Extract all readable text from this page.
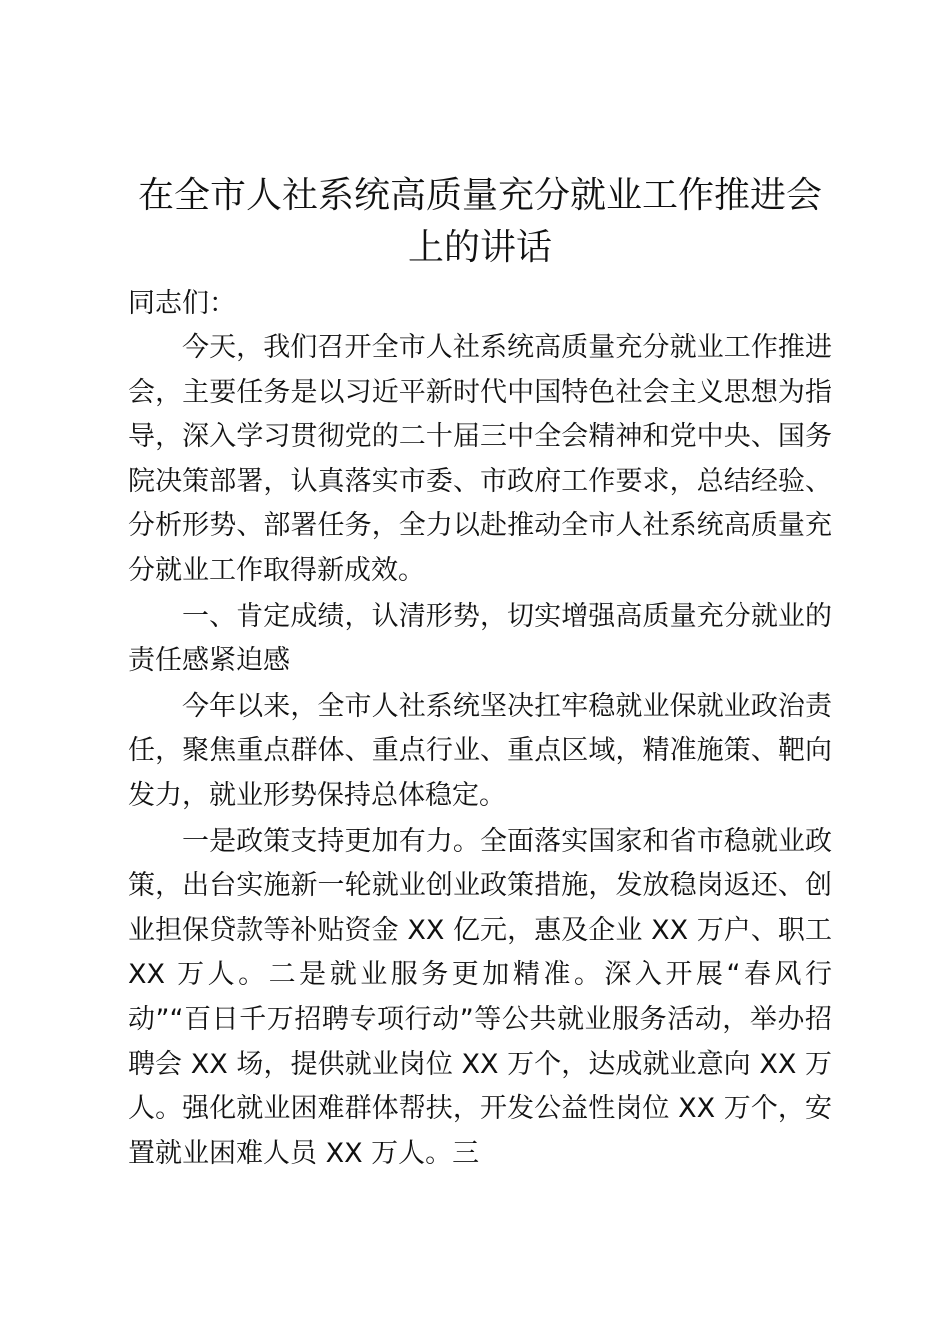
在全市人社系统高质量充分就业工作推进会上的讲话

同志们：

今天，我们召开全市人社系统高质量充分就业工作推进会，主要任务是以习近平新时代中国特色社会主义思想为指导，深入学习贯彻党的二十届三中全会精神和党中央、国务院决策部署，认真落实市委、市政府工作要求，总结经验、分析形势、部署任务，全力以赴推动全市人社系统高质量充分就业工作取得新成效。

一、肯定成绩，认清形势，切实增强高质量充分就业的责任感紧迫感

今年以来，全市人社系统坚决扛牢稳就业保就业政治责任，聚焦重点群体、重点行业、重点区域，精准施策、靶向发力，就业形势保持总体稳定。

一是政策支持更加有力。全面落实国家和省市稳就业政策，出台实施新一轮就业创业政策措施，发放稳岗返还、创业担保贷款等补贴资金 XX 亿元，惠及企业 XX 万户、职工 XX 万人。二是就业服务更加精准。深入开展“春风行动”“百日千万招聘专项行动”等公共就业服务活动，举办招聘会 XX 场，提供就业岗位 XX 万个，达成就业意向 XX 万人。强化就业困难群体帮扶，开发公益性岗位 XX 万个，安置就业困难人员 XX 万人。三
